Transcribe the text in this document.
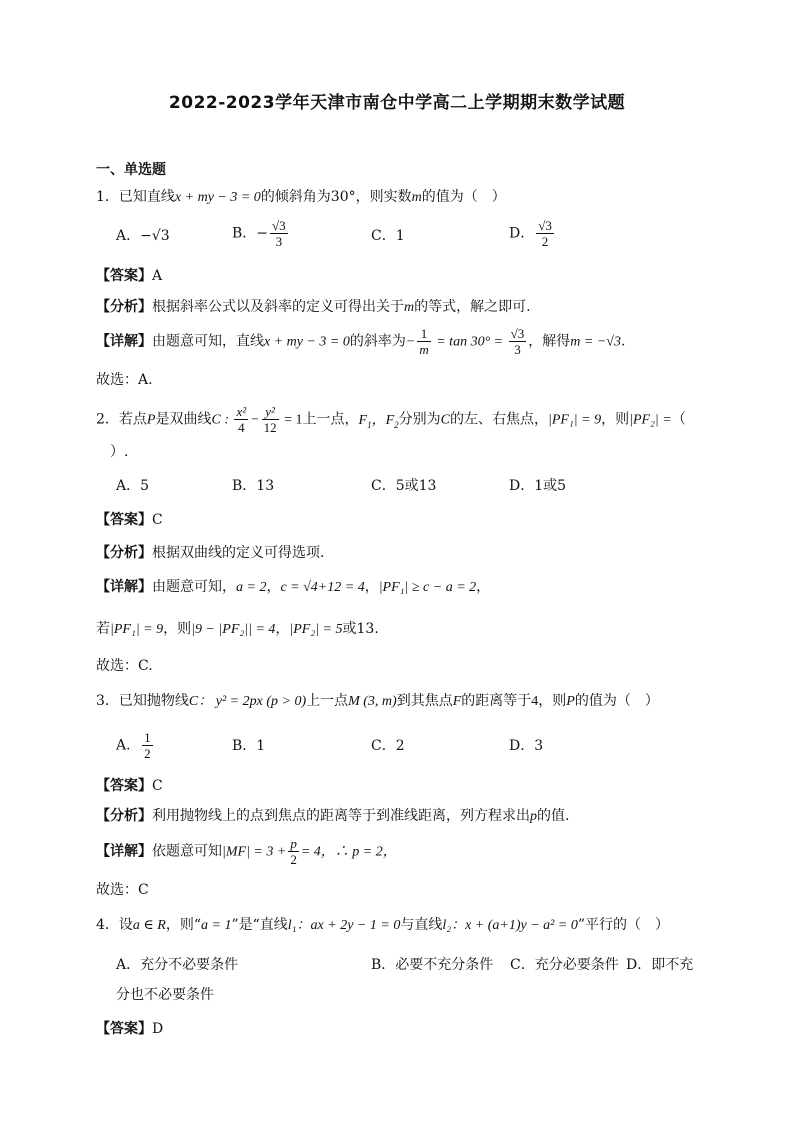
2022-2023学年天津市南仓中学高二上学期期末数学试题
一、单选题
1．已知直线x + my − 3 = 0的倾斜角为30°，则实数m的值为（　）
A．−√3	B．− $\frac{√3}{3}$	C．1	D． $\frac{√3}{2}$
【答案】A
【分析】根据斜率公式以及斜率的定义可得出关于m的等式，解之即可.
【详解】由题意可知，直线x + my − 3 = 0的斜率为− $\frac{1}{m} = \tan 30^\circ = \frac{√3}{3}$ ，解得m = −√3.
故选：A.
2．若点P是双曲线C : $\frac{\text{x²}}{4} - \frac{\text{y²}}{12} = 1$上一点，$F_1$，$F_2$分别为C的左、右焦点，|PF₁| = 9，则|PF₂| =（
）.
A．5	B．13	C．5或13	D．1或5
【答案】C
【分析】根据双曲线的定义可得选项.
【详解】由题意可知，a = 2，c = √4+12 = 4，|PF₁| ≥ c − a = 2，
若|PF₁| = 9，则|9 − |PF₂|| = 4，|PF₂| = 5或13.
故选：C.
3．已知抛物线C： y² = 2px (p > 0)上一点M (3, m)到其焦点F的距离等于4，则P的值为（　）
A． $\frac{1}{2}$	B．1	C．2	D．3
【答案】C
【分析】利用抛物线上的点到焦点的距离等于到准线距离，列方程求出p的值.
【详解】依题意可知$|MF| = 3 + \frac{p}{2} = 4$，∴ p = 2，
故选：C
4．设a ∈ R，则“a = 1”是“直线l₁：ax + 2y − 1 = 0与直线l₂：x + (a+1)y − a² = 0”平行的（　）
A．充分不必要条件	B．必要不充分条件 C．充分必要条件 D．即不充
分也不必要条件
【答案】D
